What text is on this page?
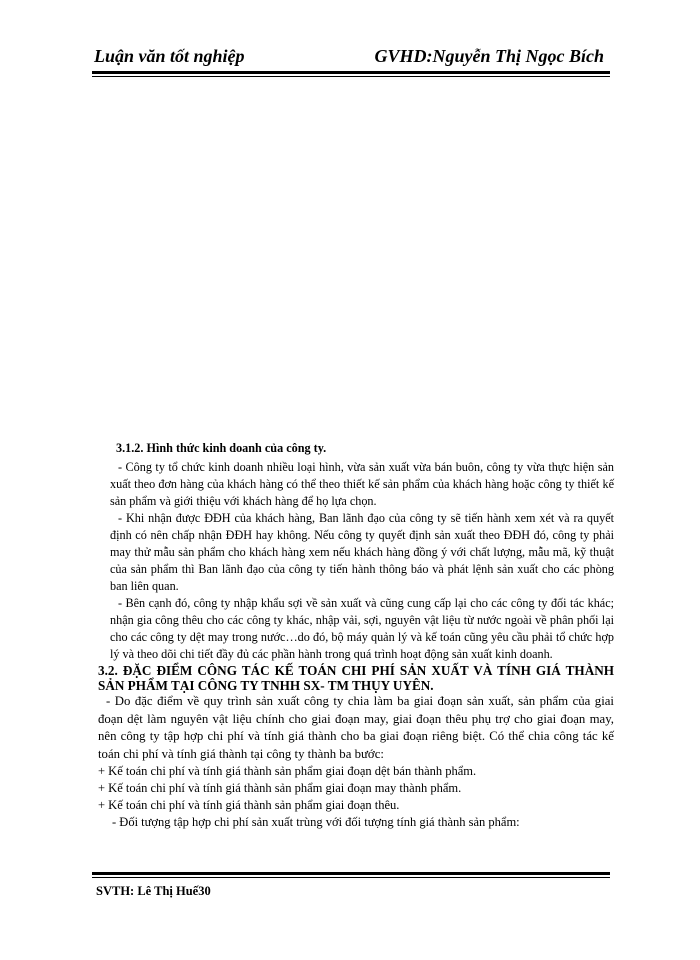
Luận văn tốt nghiệp	GVHD:Nguyễn Thị Ngọc Bích
3.1.2. Hình thức kinh doanh của công ty.

- Công ty tổ chức kinh doanh nhiều loại hình, vừa sản xuất vừa bán buôn, công ty vừa thực hiện sản xuất theo đơn hàng của khách hàng có thể theo thiết kế sản phẩm của khách hàng hoặc công ty thiết kế sản phẩm và giới thiệu với khách hàng để họ lựa chọn.

- Khi nhận được ĐĐH của khách hàng, Ban lãnh đạo của công ty sẽ tiến hành xem xét và ra quyết định có nên chấp nhận ĐĐH hay không. Nếu công ty quyết định sản xuất theo ĐĐH đó, công ty phải may thử mẫu sản phẩm cho khách hàng xem nếu khách hàng đồng ý với chất lượng, mẫu mã, kỹ thuật của sản phẩm thì Ban lãnh đạo của công ty tiến hành thông báo và phát lệnh sản xuất cho các phòng ban liên quan.

- Bên cạnh đó, công ty nhập khẩu sợi về sản xuất và cũng cung cấp lại cho các công ty đối tác khác; nhận gia công thêu cho các công ty khác, nhập vải, sợi, nguyên vật liệu từ nước ngoài về phân phối lại cho các công ty dệt may trong nước…do đó, bộ máy quản lý và kế toán cũng yêu cầu phải tổ chức hợp lý và theo dõi chi tiết đầy đủ các phần hành trong quá trình hoạt động sản xuất kinh doanh.

3.2. ĐẶC ĐIỂM CÔNG TÁC KẾ TOÁN CHI PHÍ SẢN XUẤT VÀ TÍNH GIÁ THÀNH SẢN PHẨM TẠI CÔNG TY TNHH SX- TM THỤY UYÊN.

- Do đặc điểm về quy trình sản xuất công ty chia làm ba giai đoạn sản xuất, sản phẩm của giai đoạn dệt làm nguyên vật liệu chính cho giai đoạn may, giai đoạn thêu phụ trợ cho giai đoạn may, nên công ty tập hợp chi phí và tính giá thành cho ba giai đoạn riêng biệt. Có thể chia công tác kế toán chi phí và tính giá thành tại công ty thành ba bước:

+ Kế toán chi phí và tính giá thành sản phẩm giai đoạn dệt bán thành phẩm.

+ Kế toán chi phí và tính giá thành sản phẩm giai đoạn may thành phẩm.

+ Kế toán chi phí và tính giá thành sản phẩm giai đoạn thêu.

- Đối tượng tập hợp chi phí sản xuất trùng với đối tượng tính giá thành sản phẩm:

SVTH: Lê Thị Huế30
